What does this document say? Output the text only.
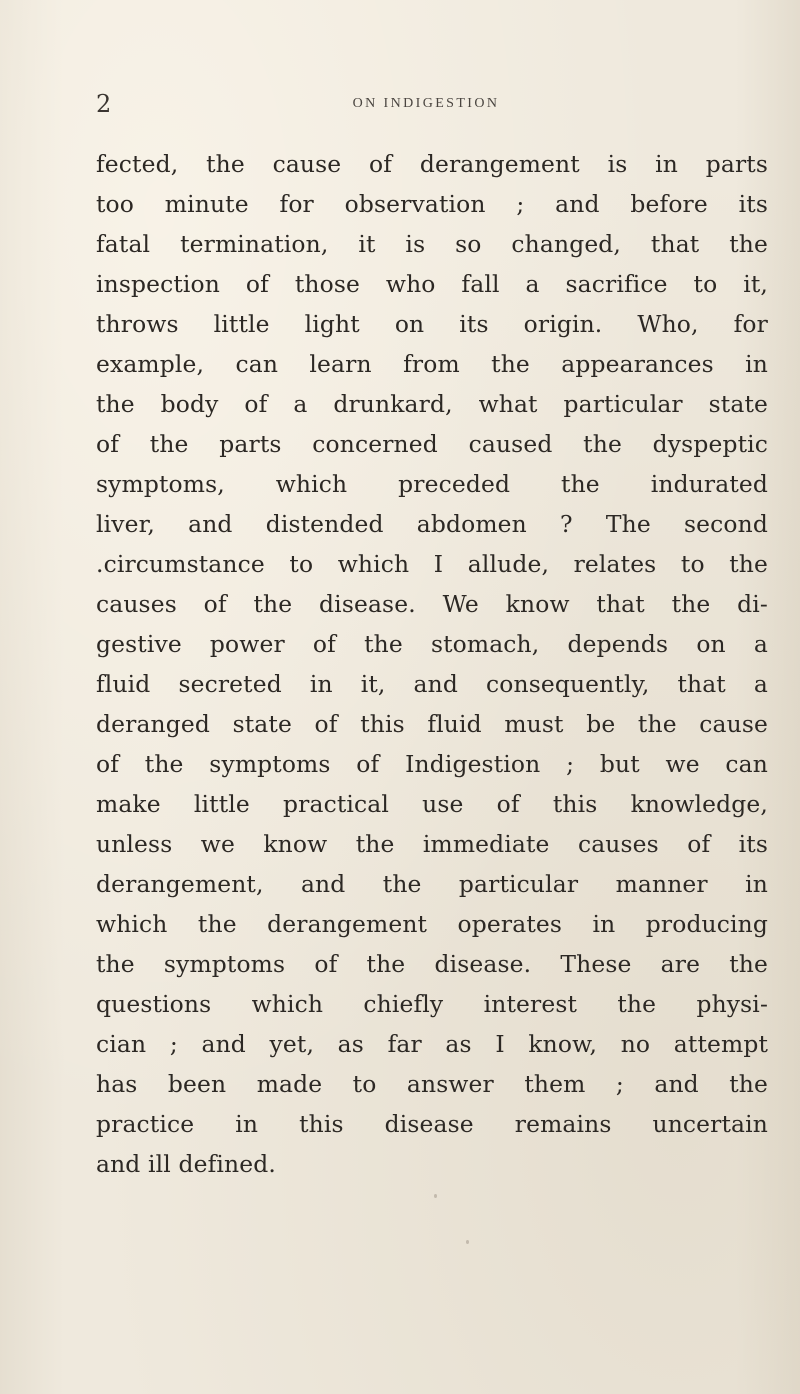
2	ON INDIGESTION
fected, the cause of derangement is in parts
too minute for observation ; and before its
fatal termination, it is so changed, that the
inspection of those who fall a sacrifice to it,
throws little light on its origin. Who, for
example, can learn from the appearances in
the body of a drunkard, what particular state
of the parts concerned caused the dyspeptic
symptoms, which preceded the indurated
liver, and distended abdomen ? The second
.circumstance to which I allude, relates to the
causes of the disease. We know that the di-
gestive power of the stomach, depends on a
fluid secreted in it, and consequently, that a
deranged state of this fluid must be the cause
of the symptoms of Indigestion ; but we can
make little practical use of this knowledge,
unless we know the immediate causes of its
derangement, and the particular manner in
which the derangement operates in producing
the symptoms of the disease. These are the
questions which chiefly interest the physi-
cian ; and yet, as far as I know, no attempt
has been made to answer them ; and the
practice in this disease remains uncertain
and ill defined.
